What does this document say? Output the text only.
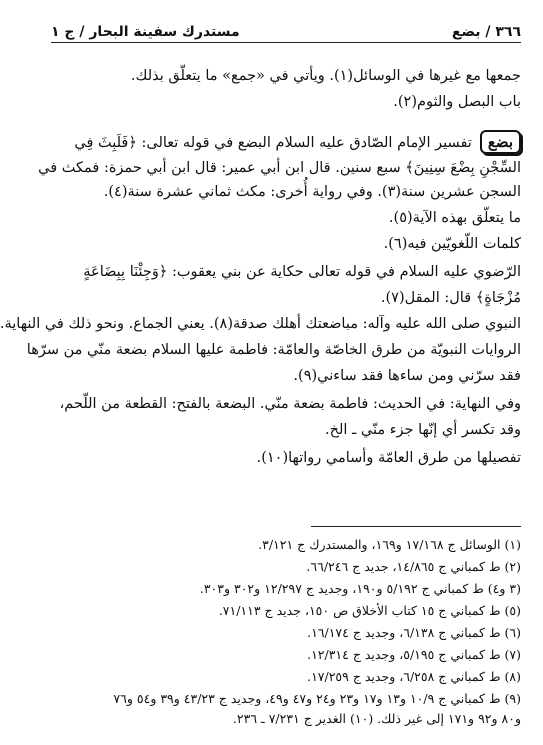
٣٦٦ / بضع
مستدرك سفينة البحار / ج ١
جمعها مع غيرها في الوسائل(١). ويأتي في «جمع» ما يتعلّق بذلك.
باب البصل والثوم(٢).
بضعتفسير الإمام الصّادق عليه السلام البضع في قوله تعالى: ﴿فَلَبِثَ فِي
السِّجْنِ بِضْعَ سِنِينَ﴾ سبع سنين. قال ابن أبي عمير: قال ابن أبي حمزة: فمكث في
السجن عشرين سنة(٣). وفي رواية أُخرى: مكث ثماني عشرة سنة(٤).
ما يتعلّق بهذه الآية(٥).
كلمات اللّغويّين فيه(٦).
الرّضوي عليه السلام في قوله تعالى حكاية عن بني يعقوب: ﴿وَجِئْنَا بِبِضَاعَةٍ
مُزْجَاةٍ﴾ قال: المقل(٧).
النبوي صلى الله عليه وآله: مباضعتك أهلك صدقة(٨). يعني الجماع. ونحو ذلك في النهاية.
الروايات النبويّة من طرق الخاصّة والعامّة: فاطمة عليها السلام بضعة منّي من سرّها
فقد سرّني ومن ساءها فقد ساءني(٩).
وفي النهاية: في الحديث: فاطمة بضعة منّي. البضعة بالفتح: القطعة من اللّحم،
وقد تكسر أي إنّها جزء منّي ـ الخ.
تفصيلها من طرق العامّة وأسامي رواتها(١٠).
(١) الوسائل ج ١٧/١٦٨ و١٦٩، والمستدرك ج ٣/١٢١.
(٢) ط كمباني ج ١٤/٨٦٥، جديد ج ٦٦/٢٤٦.
(٣ و٤) ط كمباني ج ٥/١٩٢ و١٩٠، وجديد ج ١٢/٢٩٧ و٣٠٢ و٣٠٣.
(٥) ط كمباني ج ١٥ كتاب الأخلاق ص ١٥٠، جديد ج ٧١/١١٣.
(٦) ط كمباني ج ٦/١٣٨، وجديد ج ١٦/١٧٤.
(٧) ط كمباني ج ٥/١٩٥، وجديد ج ١٢/٣١٤.
(٨) ط كمباني ج ٦/٢٥٨، وجديد ج ١٧/٢٥٩.
(٩) ط كمباني ج ١٠/٩ و١٣ و١٧ و٢٣ و٢٤ و٤٧ و٤٩، وجديد ج ٤٣/٢٣ و٣٩ و٥٤ و٧٦
و٨٠ و٩٢ و١٧١ إلى غير ذلك. (١٠) الغدير ج ٧/٢٣١ ـ ٢٣٦.
